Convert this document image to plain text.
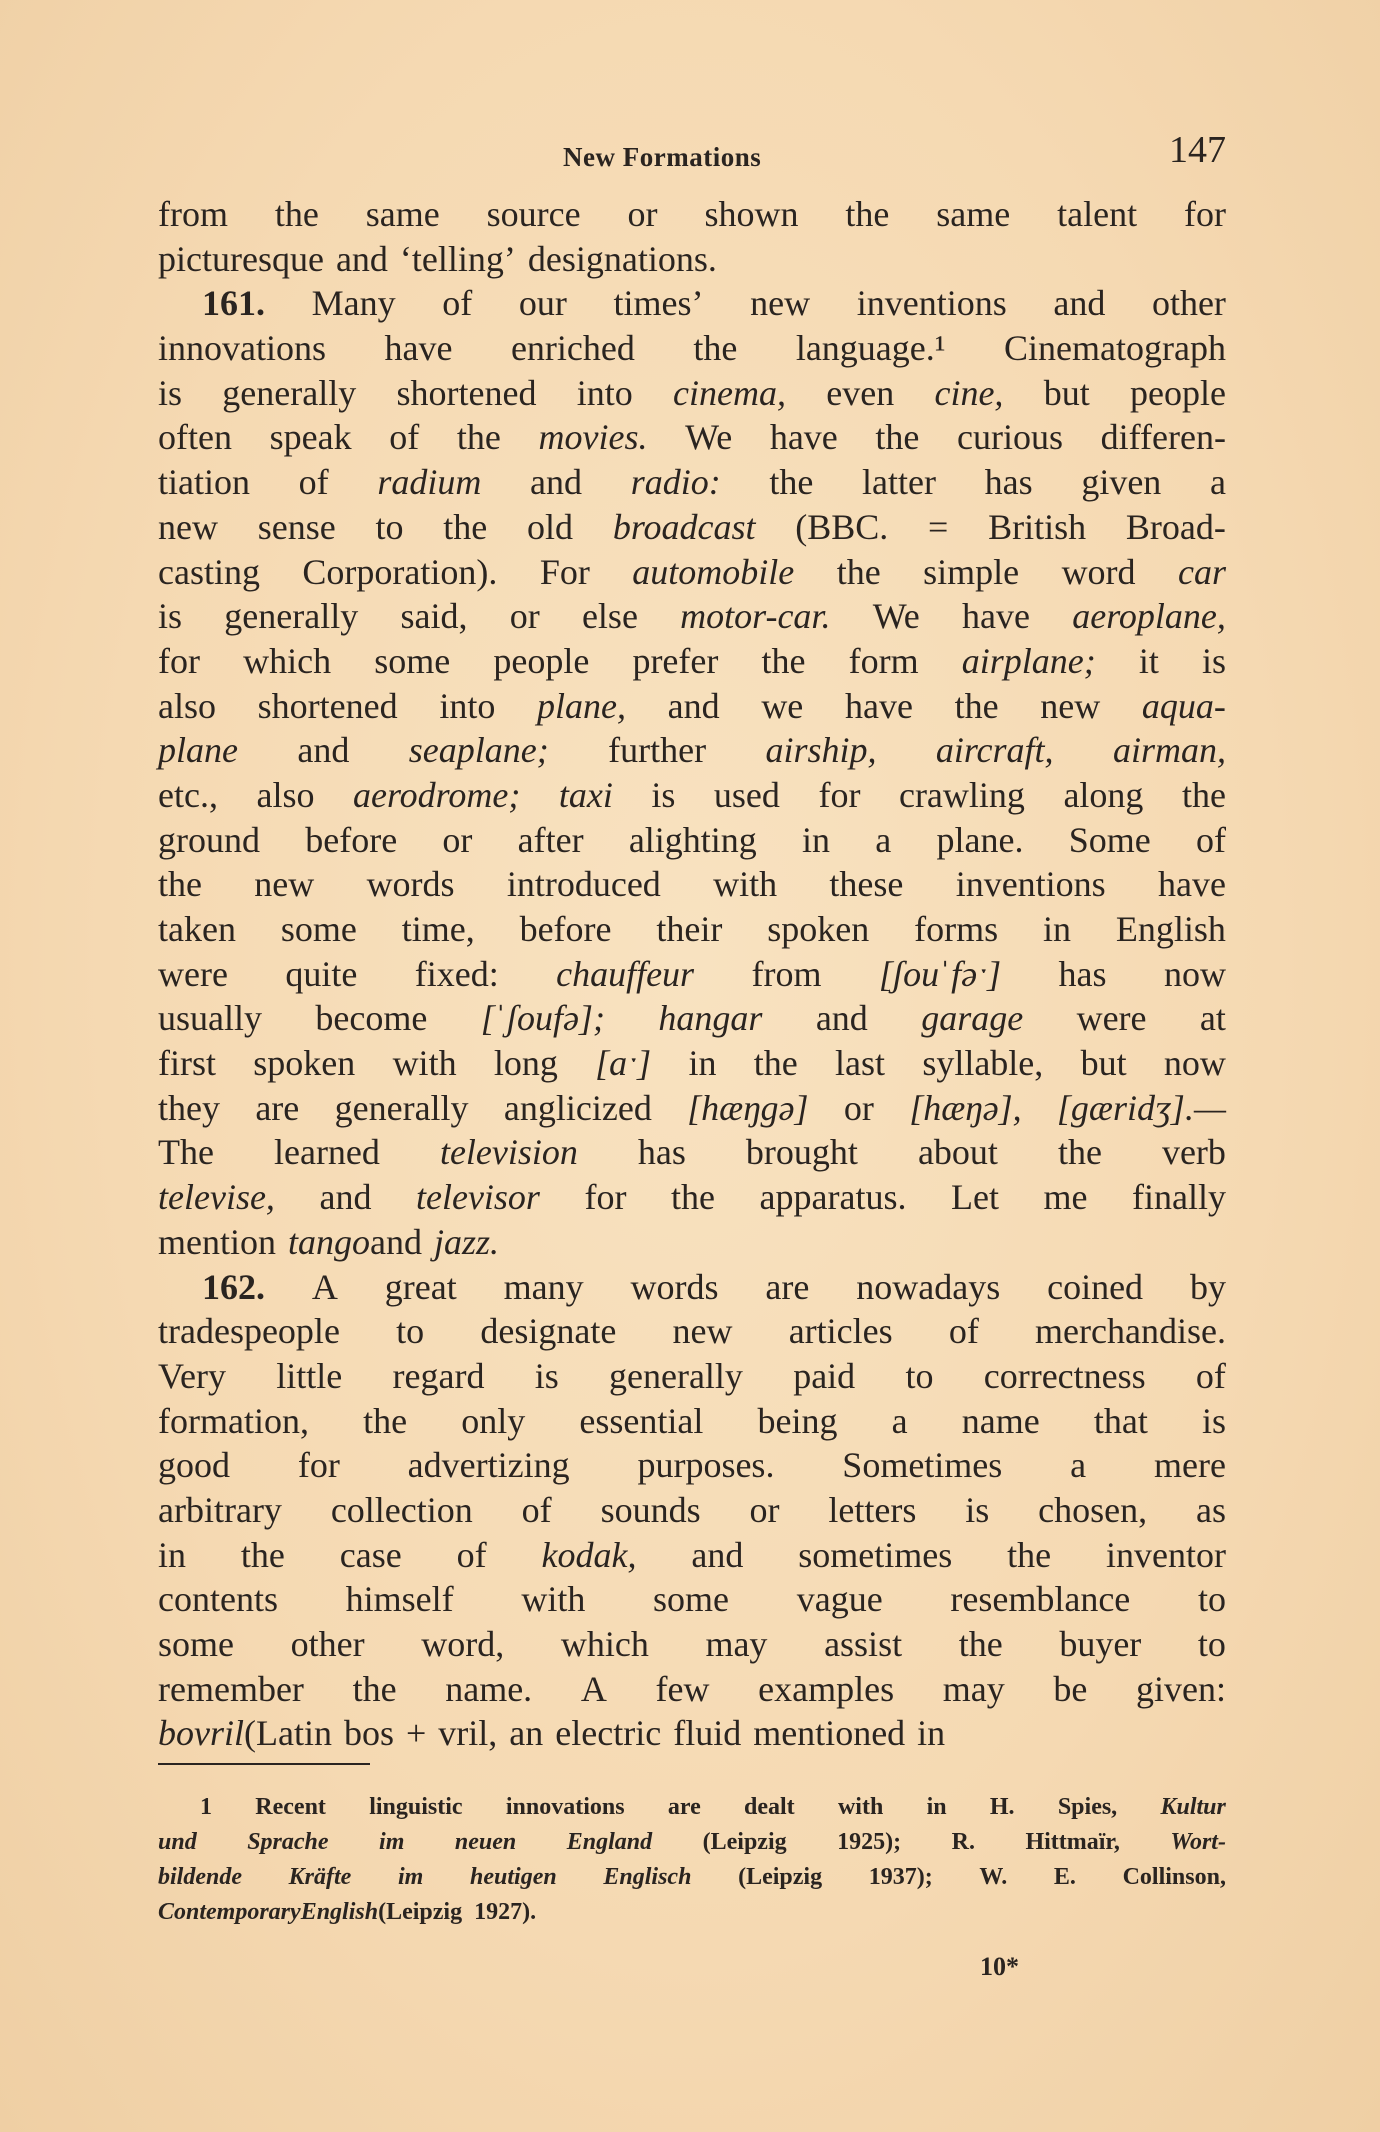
New Formations	147
from the same source or shown the same talent for
picturesque and ‘telling’ designations.
161. Many of our times’ new inventions and other
innovations have enriched the language.¹ Cinematograph
is generally shortened into cinema, even cine, but people
often speak of the movies. We have the curious differen-
tiation of radium and radio: the latter has given a
new sense to the old broadcast (BBC. = British Broad-
casting Corporation). For automobile the simple word car
is generally said, or else motor-car. We have aeroplane,
for which some people prefer the form airplane; it is
also shortened into plane, and we have the new aqua-
plane and seaplane; further airship, aircraft, airman,
etc., also aerodrome; taxi is used for crawling along the
ground before or after alighting in a plane. Some of
the new words introduced with these inventions have
taken some time, before their spoken forms in English
were quite fixed: chauffeur from [ʃouˈfəˑ] has now
usually become [ˈʃoufə]; hangar and garage were at
first spoken with long [aˑ] in the last syllable, but now
they are generally anglicized [hæŋgə] or [hæŋə], [gæridʒ].—
The learned television has brought about the verb
televise, and televisor for the apparatus. Let me finally
mention tango and jazz.
162. A great many words are nowadays coined by
tradespeople to designate new articles of merchandise.
Very little regard is generally paid to correctness of
formation, the only essential being a name that is
good for advertizing purposes. Sometimes a mere
arbitrary collection of sounds or letters is chosen, as
in the case of kodak, and sometimes the inventor
contents himself with some vague resemblance to
some other word, which may assist the buyer to
remember the name. A few examples may be given:
bovril (Latin bos + vril, an electric fluid mentioned in
1 Recent linguistic innovations are dealt with in H. Spies, Kultur
und Sprache im neuen England (Leipzig 1925); R. Hittmaïr, Wort-
bildende Kräfte im heutigen Englisch (Leipzig 1937); W. E. Collinson,
Contemporary English (Leipzig 1927).
10*
